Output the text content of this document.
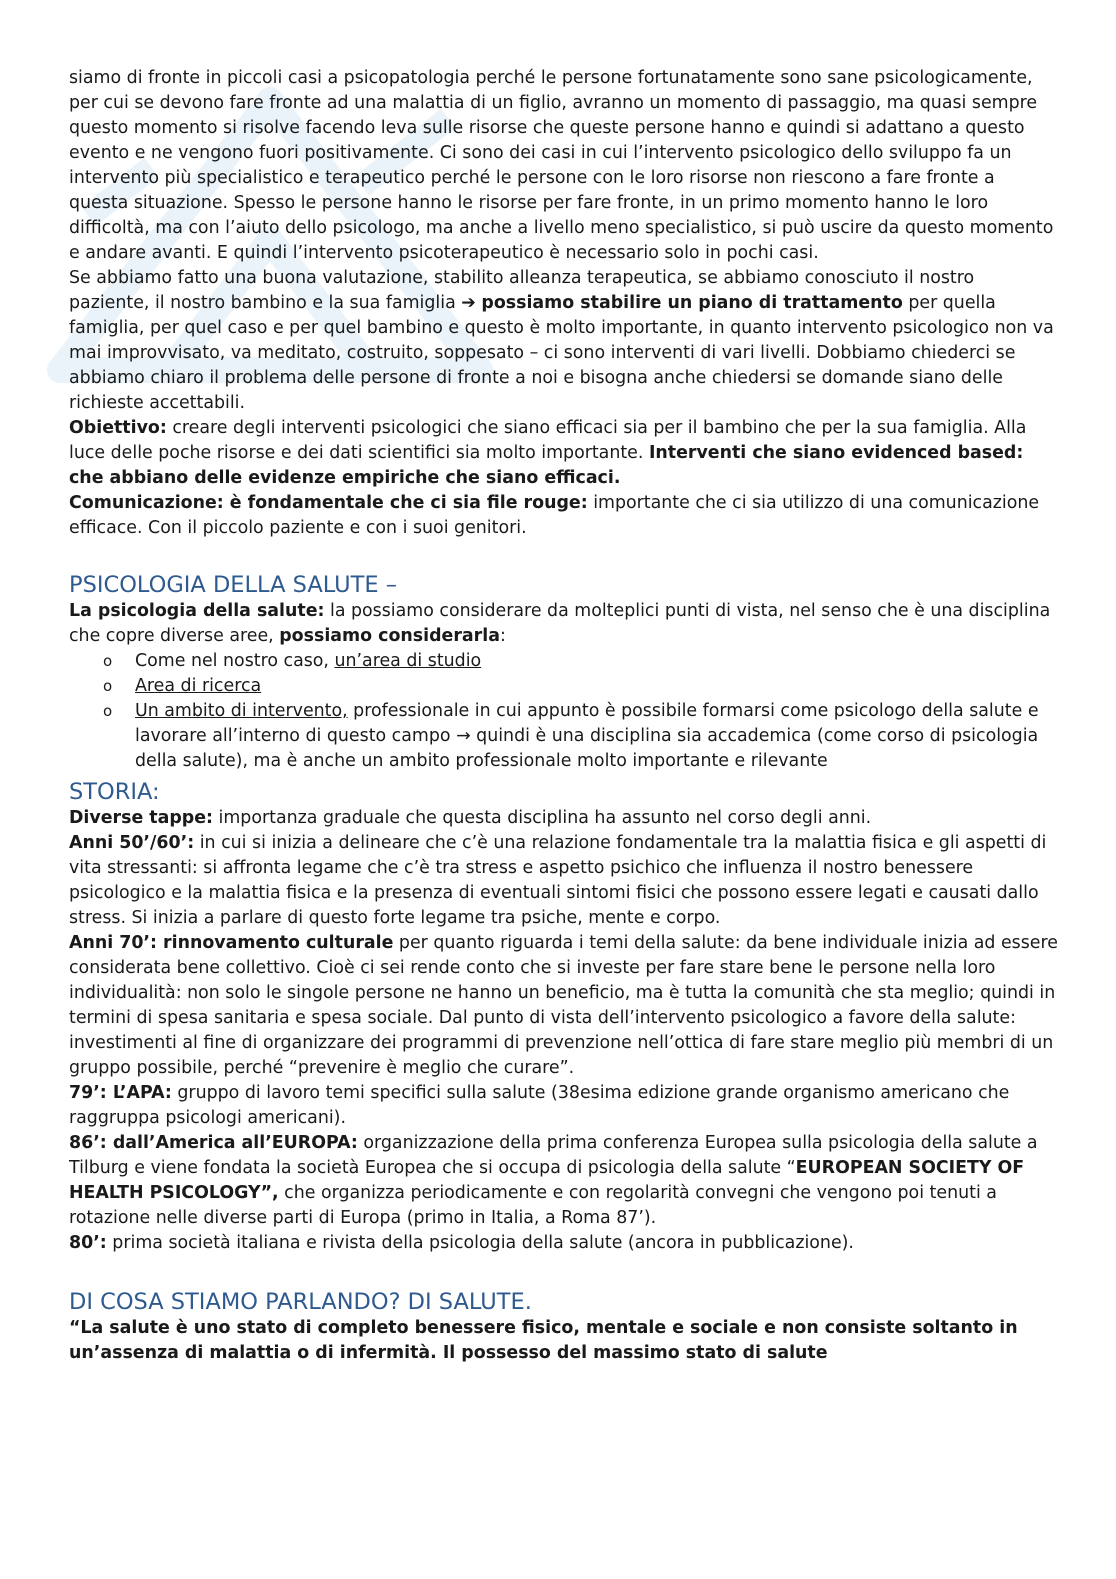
siamo di fronte in piccoli casi a psicopatologia perché le persone fortunatamente sono sane psicologicamente, per cui se devono fare fronte ad una malattia di un figlio, avranno un momento di passaggio, ma quasi sempre questo momento si risolve facendo leva sulle risorse che queste persone hanno e quindi si adattano a questo evento e ne vengono fuori positivamente. Ci sono dei casi in cui l’intervento psicologico dello sviluppo fa un intervento più specialistico e terapeutico perché le persone con le loro risorse non riescono a fare fronte a questa situazione. Spesso le persone hanno le risorse per fare fronte, in un primo momento hanno le loro difficoltà, ma con l’aiuto dello psicologo, ma anche a livello meno specialistico, si può uscire da questo momento e andare avanti. E quindi l’intervento psicoterapeutico è necessario solo in pochi casi.

Se abbiamo fatto una buona valutazione, stabilito alleanza terapeutica, se abbiamo conosciuto il nostro paziente, il nostro bambino e la sua famiglia ➔ possiamo stabilire un piano di trattamento per quella famiglia, per quel caso e per quel bambino e questo è molto importante, in quanto intervento psicologico non va mai improvvisato, va meditato, costruito, soppesato – ci sono interventi di vari livelli. Dobbiamo chiederci se abbiamo chiaro il problema delle persone di fronte a noi e bisogna anche chiedersi se domande siano delle richieste accettabili.

Obiettivo: creare degli interventi psicologici che siano efficaci sia per il bambino che per la sua famiglia. Alla luce delle poche risorse e dei dati scientifici sia molto importante. Interventi che siano evidenced based: che abbiano delle evidenze empiriche che siano efficaci.

Comunicazione: è fondamentale che ci sia file rouge: importante che ci sia utilizzo di una comunicazione efficace. Con il piccolo paziente e con i suoi genitori.

PSICOLOGIA DELLA SALUTE –

La psicologia della salute: la possiamo considerare da molteplici punti di vista, nel senso che è una disciplina che copre diverse aree, possiamo considerarla:

o Come nel nostro caso, un’area di studio
o Area di ricerca
o Un ambito di intervento, professionale in cui appunto è possibile formarsi come psicologo della salute e lavorare all’interno di questo campo → quindi è una disciplina sia accademica (come corso di psicologia della salute), ma è anche un ambito professionale molto importante e rilevante
STORIA:

Diverse tappe: importanza graduale che questa disciplina ha assunto nel corso degli anni.

Anni 50’/60’: in cui si inizia a delineare che c’è una relazione fondamentale tra la malattia fisica e gli aspetti di vita stressanti: si affronta legame che c’è tra stress e aspetto psichico che influenza il nostro benessere psicologico e la malattia fisica e la presenza di eventuali sintomi fisici che possono essere legati e causati dallo stress. Si inizia a parlare di questo forte legame tra psiche, mente e corpo.

Anni 70’: rinnovamento culturale per quanto riguarda i temi della salute: da bene individuale inizia ad essere considerata bene collettivo. Cioè ci sei rende conto che si investe per fare stare bene le persone nella loro individualità: non solo le singole persone ne hanno un beneficio, ma è tutta la comunità che sta meglio; quindi in termini di spesa sanitaria e spesa sociale. Dal punto di vista dell’intervento psicologico a favore della salute: investimenti al fine di organizzare dei programmi di prevenzione nell’ottica di fare stare meglio più membri di un gruppo possibile, perché “prevenire è meglio che curare”.

79’: L’APA: gruppo di lavoro temi specifici sulla salute (38esima edizione grande organismo americano che raggruppa psicologi americani).

86’: dall’America all’EUROPA: organizzazione della prima conferenza Europea sulla psicologia della salute a Tilburg e viene fondata la società Europea che si occupa di psicologia della salute “EUROPEAN SOCIETY OF HEALTH PSICOLOGY”, che organizza periodicamente e con regolarità convegni che vengono poi tenuti a rotazione nelle diverse parti di Europa (primo in Italia, a Roma 87’).

80’: prima società italiana e rivista della psicologia della salute (ancora in pubblicazione).

DI COSA STIAMO PARLANDO? DI SALUTE.

“La salute è uno stato di completo benessere fisico, mentale e sociale e non consiste soltanto in un’assenza di malattia o di infermità. Il possesso del massimo stato di salute
